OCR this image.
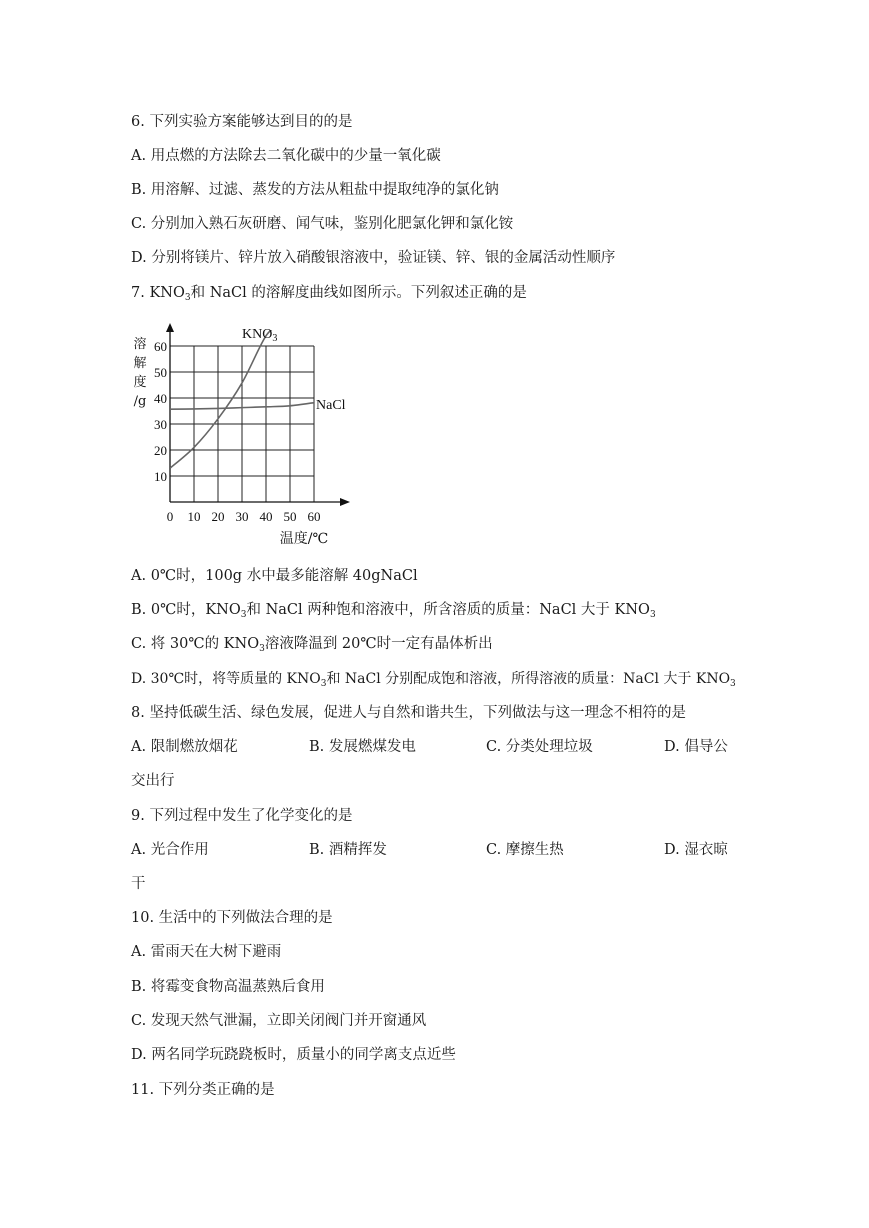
6. 下列实验方案能够达到目的的是
A. 用点燃的方法除去二氧化碳中的少量一氧化碳
B. 用溶解、过滤、蒸发的方法从粗盐中提取纯净的氯化钠
C. 分别加入熟石灰研磨、闻气味，鉴别化肥氯化钾和氯化铵
D. 分别将镁片、锌片放入硝酸银溶液中，验证镁、锌、银的金属活动性顺序
7. $KNO_3$和 NaCl 的溶解度曲线如图所示。下列叙述正确的是
10
20
30
40
50
60
0 10 20 30 40 50 60
溶
解
度
/g
温度/℃
$KNO_3$
NaCl
A. 0℃时，100g 水中最多能溶解 40gNaCl
B. 0℃时，$KNO_3$和 NaCl 两种饱和溶液中，所含溶质的质量：NaCl 大于 $KNO_3$
C. 将 30℃的 $KNO_3$溶液降温到 20℃时一定有晶体析出
D. 30℃时，将等质量的 $KNO_3$和 NaCl 分别配成饱和溶液，所得溶液的质量：NaCl 大于 $KNO_3$
8. 坚持低碳生活、绿色发展，促进人与自然和谐共生，下列做法与这一理念不相符的是
A. 限制燃放烟花	B. 发展燃煤发电	C. 分类处理垃圾	D. 倡导公
交出行
9. 下列过程中发生了化学变化的是
A. 光合作用	B. 酒精挥发	C. 摩擦生热	D. 湿衣晾
干
10. 生活中的下列做法合理的是
A. 雷雨天在大树下避雨
B. 将霉变食物高温蒸熟后食用
C. 发现天然气泄漏，立即关闭阀门并开窗通风
D. 两名同学玩跷跷板时，质量小的同学离支点近些
11. 下列分类正确的是
